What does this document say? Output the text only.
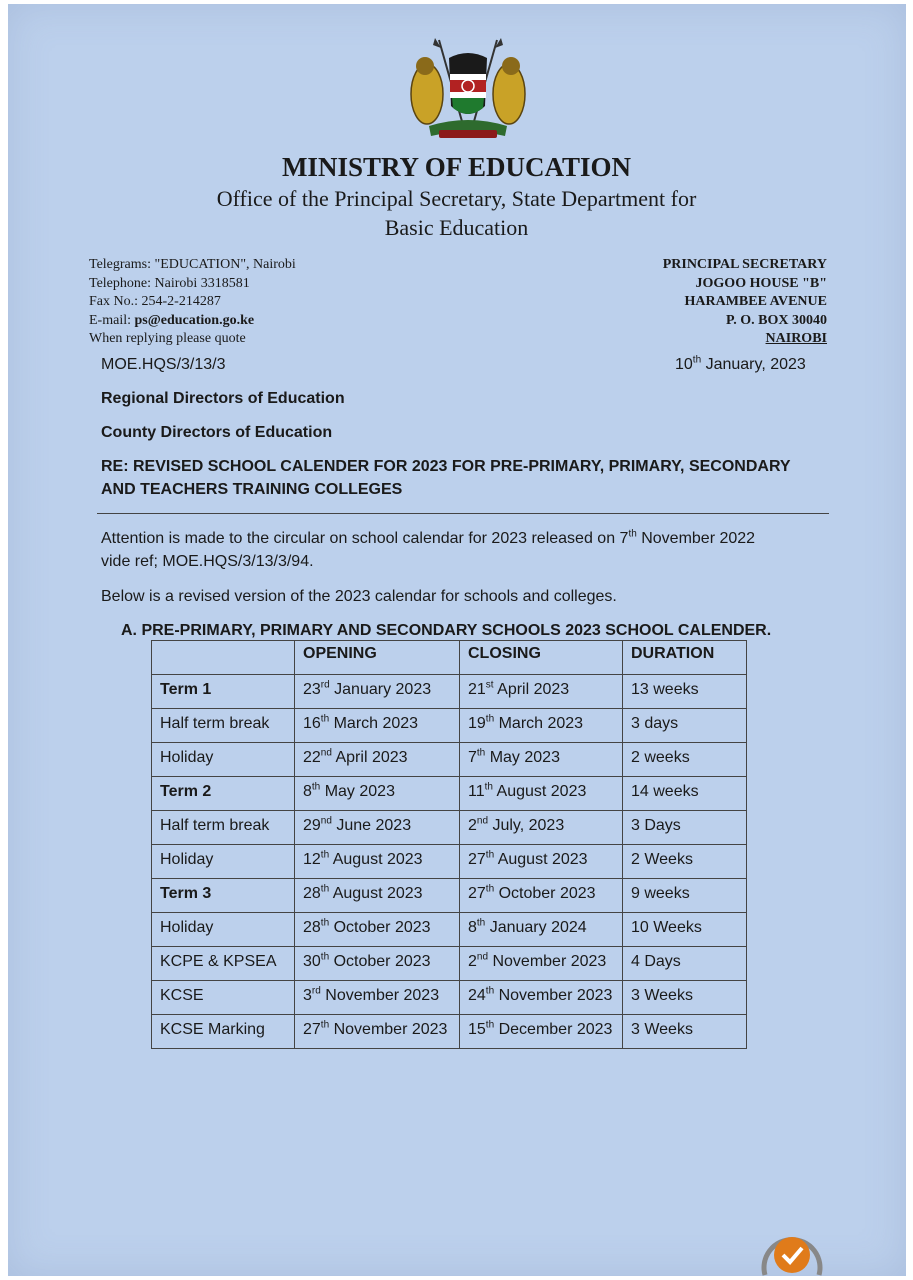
MINISTRY OF EDUCATION
Office of the Principal Secretary, State Department for
Basic Education
Telegrams: "EDUCATION", Nairobi
Telephone: Nairobi 3318581
Fax No.: 254-2-214287
E-mail: ps@education.go.ke
When replying please quote
PRINCIPAL SECRETARY
JOGOO HOUSE "B"
HARAMBEE AVENUE
P. O. BOX 30040
NAIROBI
MOE.HQS/3/13/3	10th January, 2023
Regional Directors of Education
County Directors of Education
RE: REVISED SCHOOL CALENDER FOR 2023 FOR PRE-PRIMARY, PRIMARY, SECONDARY
AND TEACHERS TRAINING COLLEGES
Attention is made to the circular on school calendar for 2023 released on 7th November 2022
vide ref; MOE.HQS/3/13/3/94.
Below is a revised version of the 2023 calendar for schools and colleges.
A. PRE-PRIMARY, PRIMARY AND SECONDARY SCHOOLS 2023 SCHOOL CALENDER.
	OPENING	CLOSING	DURATION
Term 1	23rd January 2023	21st April 2023	13 weeks
Half term break	16th March 2023	19th March 2023	3 days
Holiday	22nd April 2023	7th May 2023	2 weeks
Term 2	8th May 2023	11th August 2023	14 weeks
Half term break	29nd June 2023	2nd July, 2023	3 Days
Holiday	12th August 2023	27th August 2023	2 Weeks
Term 3	28th August 2023	27th October 2023	9 weeks
Holiday	28th October 2023	8th January 2024	10 Weeks
KCPE & KPSEA	30th October 2023	2nd November 2023	4 Days
KCSE	3rd November 2023	24th November 2023	3 Weeks
KCSE Marking	27th November 2023	15th December 2023	3 Weeks
